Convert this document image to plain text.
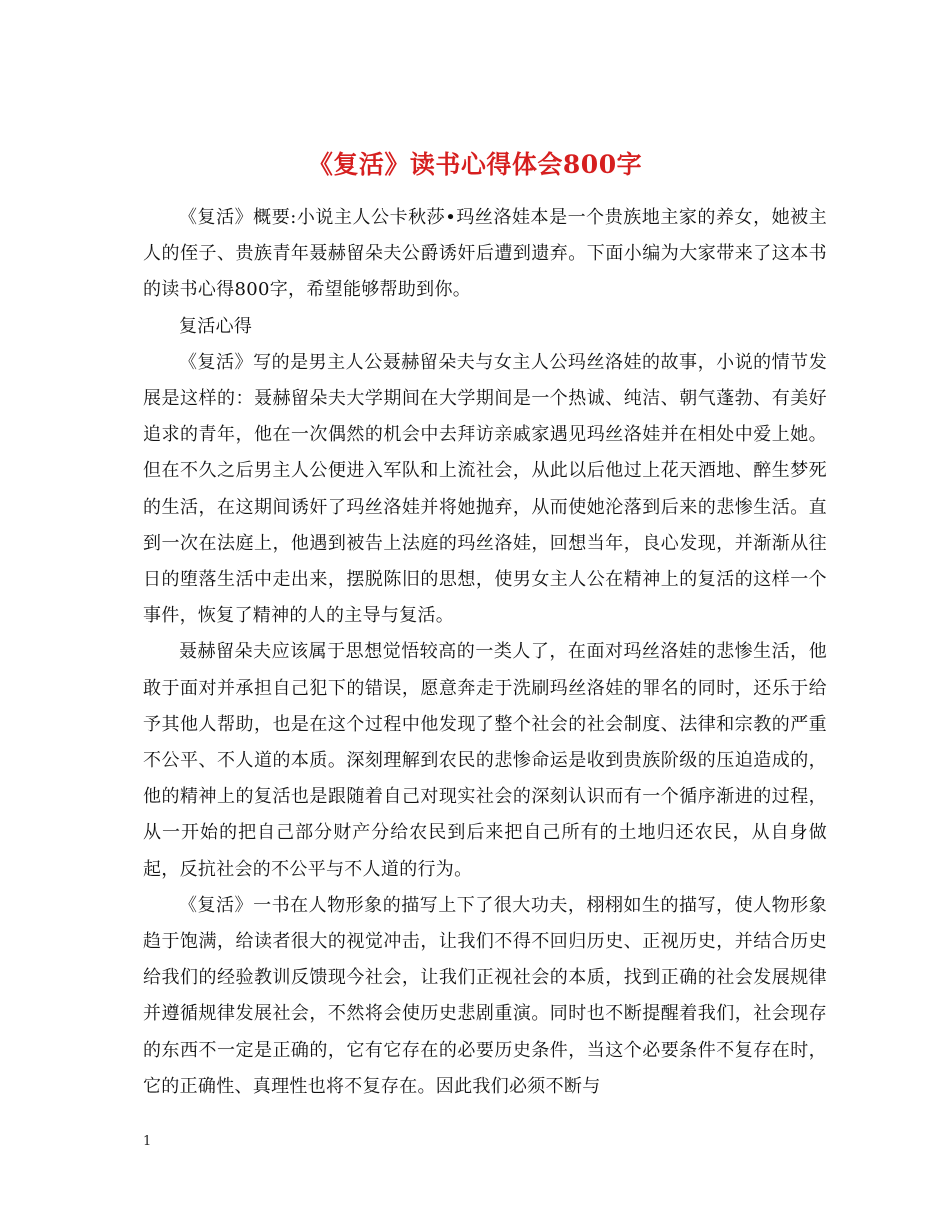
《复活》读书心得体会800字

《复活》概要:小说主人公卡秋莎•玛丝洛娃本是一个贵族地主家的养女，她被主人的侄子、贵族青年聂赫留朵夫公爵诱奸后遭到遗弃。下面小编为大家带来了这本书的读书心得800字，希望能够帮助到你。

复活心得

《复活》写的是男主人公聂赫留朵夫与女主人公玛丝洛娃的故事，小说的情节发展是这样的：聂赫留朵夫大学期间在大学期间是一个热诚、纯洁、朝气蓬勃、有美好追求的青年，他在一次偶然的机会中去拜访亲戚家遇见玛丝洛娃并在相处中爱上她。但在不久之后男主人公便进入军队和上流社会，从此以后他过上花天酒地、醉生梦死的生活，在这期间诱奸了玛丝洛娃并将她抛弃，从而使她沦落到后来的悲惨生活。直到一次在法庭上，他遇到被告上法庭的玛丝洛娃，回想当年，良心发现，并渐渐从往日的堕落生活中走出来，摆脱陈旧的思想，使男女主人公在精神上的复活的这样一个事件，恢复了精神的人的主导与复活。

聂赫留朵夫应该属于思想觉悟较高的一类人了，在面对玛丝洛娃的悲惨生活，他敢于面对并承担自己犯下的错误，愿意奔走于洗刷玛丝洛娃的罪名的同时，还乐于给予其他人帮助，也是在这个过程中他发现了整个社会的社会制度、法律和宗教的严重不公平、不人道的本质。深刻理解到农民的悲惨命运是收到贵族阶级的压迫造成的，他的精神上的复活也是跟随着自己对现实社会的深刻认识而有一个循序渐进的过程，从一开始的把自己部分财产分给农民到后来把自己所有的土地归还农民，从自身做起，反抗社会的不公平与不人道的行为。

《复活》一书在人物形象的描写上下了很大功夫，栩栩如生的描写，使人物形象趋于饱满，给读者很大的视觉冲击，让我们不得不回归历史、正视历史，并结合历史给我们的经验教训反馈现今社会，让我们正视社会的本质，找到正确的社会发展规律并遵循规律发展社会，不然将会使历史悲剧重演。同时也不断提醒着我们，社会现存的东西不一定是正确的，它有它存在的必要历史条件，当这个必要条件不复存在时，它的正确性、真理性也将不复存在。因此我们必须不断与

1
